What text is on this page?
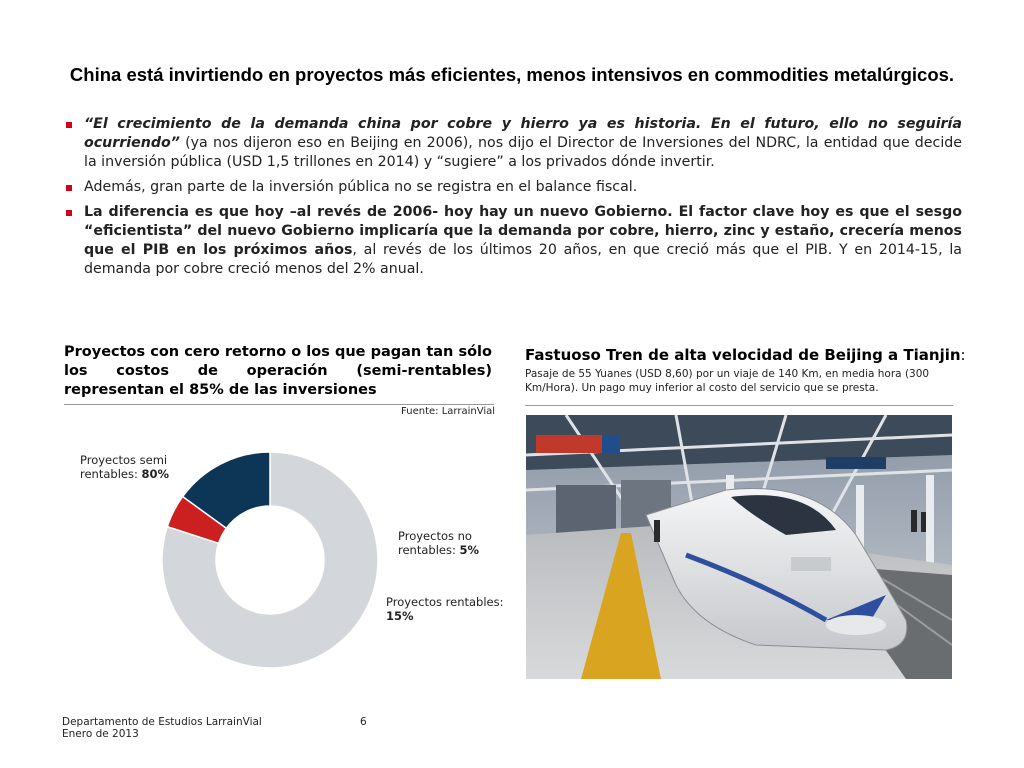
China está invirtiendo en proyectos más eficientes, menos intensivos en commodities metalúrgicos.
“El crecimiento de la demanda china por cobre y hierro ya es historia. En el futuro, ello no seguiría ocurriendo” (ya nos dijeron eso en Beijing en 2006), nos dijo el Director de Inversiones del NDRC, la entidad que decide la inversión pública (USD 1,5 trillones en 2014) y “sugiere” a los privados dónde invertir.
Además, gran parte de la inversión pública no se registra en el balance fiscal.
La diferencia es que hoy –al revés de 2006- hoy hay un nuevo Gobierno. El factor clave hoy es que el sesgo “eficientista” del nuevo Gobierno implicaría que la demanda por cobre, hierro, zinc y estaño, crecería menos que el PIB en los próximos años, al revés de los últimos 20 años, en que creció más que el PIB. Y en 2014-15, la demanda por cobre creció menos del 2% anual.
Proyectos con cero retorno o los que pagan tan sólo los costos de operación (semi-rentables) representan el 85% de las inversiones
Fuente: LarrainVial
Proyectos semi
rentables: 80%
Proyectos no
rentables: 5%
Proyectos rentables:
15%
Fastuoso Tren de alta velocidad de Beijing a Tianjin:
Pasaje de 55 Yuanes (USD 8,60) por un viaje de 140 Km, en media hora (300 Km/Hora). Un pago muy inferior al costo del servicio que se presta.
Departamento de Estudios LarrainVial
Enero de 2013
6
